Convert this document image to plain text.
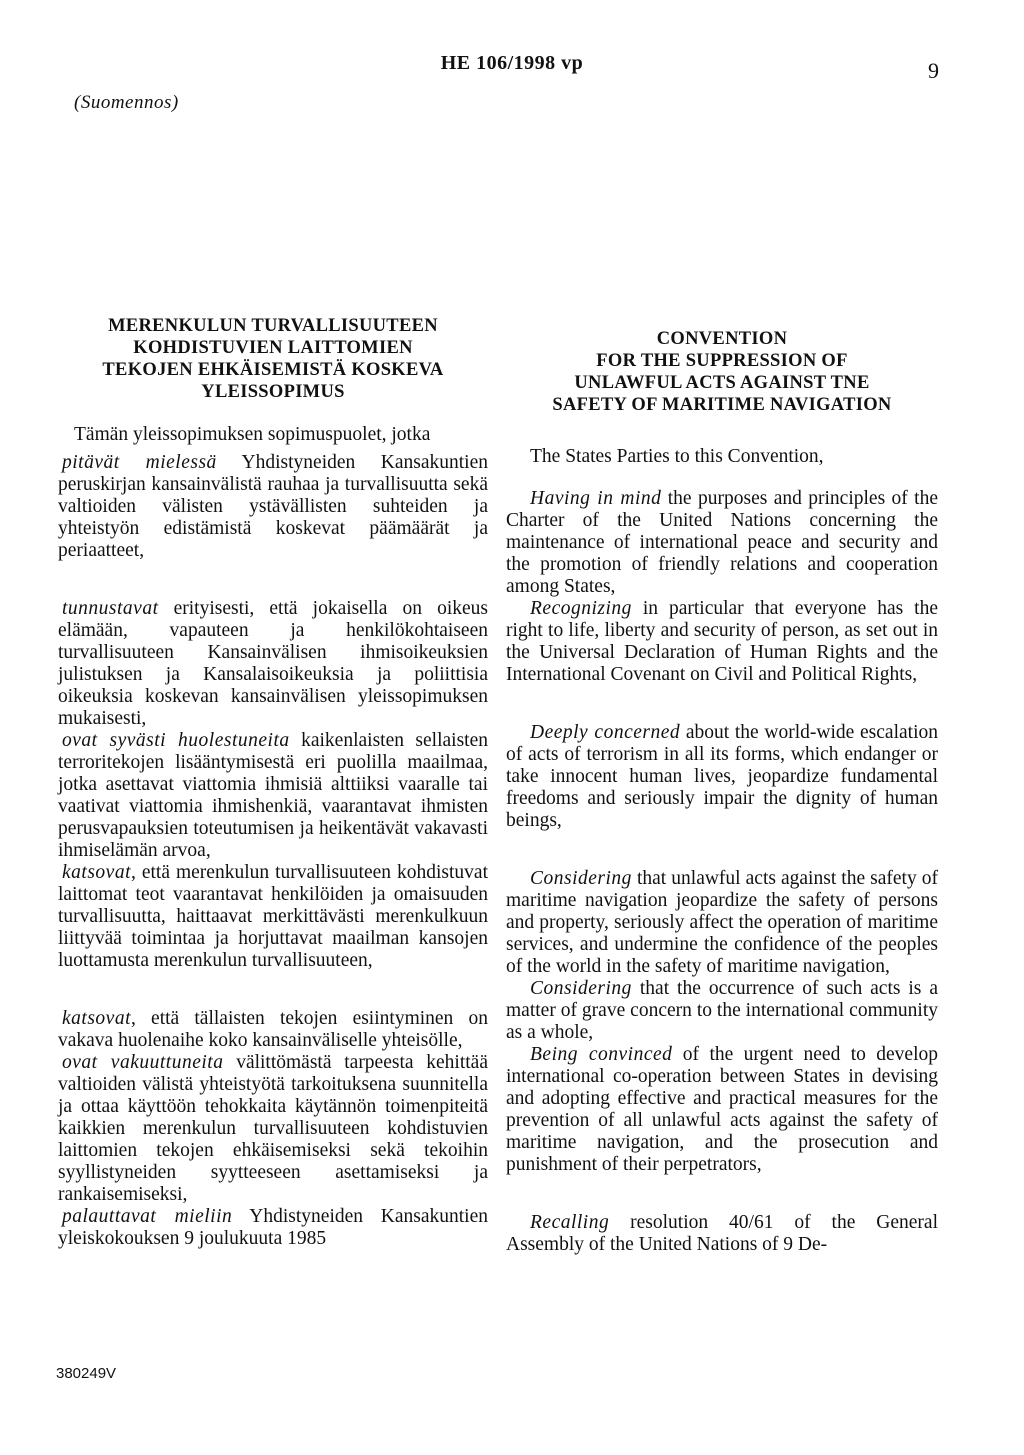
HE 106/1998 vp	9
(Suomennos)
MERENKULUN TURVALLISUUTEEN
KOHDISTUVIEN LAITTOMIEN
TEKOJEN EHKÄISEMISTÄ KOSKEVA
YLEISSOPIMUS

Tämän yleissopimuksen sopimuspuolet, jotka

pitävät mielessä Yhdistyneiden Kansakuntien peruskirjan kansainvälistä rauhaa ja turvallisuutta sekä valtioiden välisten ystävällisten suhteiden ja yhteistyön edistämistä koskevat päämäärät ja periaatteet,

tunnustavat erityisesti, että jokaisella on oikeus elämään, vapauteen ja henkilökohtaiseen turvallisuuteen Kansainvälisen ihmisoikeuksien julistuksen ja Kansalaisoikeuksia ja poliittisia oikeuksia koskevan kansainvälisen yleissopimuksen mukaisesti,

ovat syvästi huolestuneita kaikenlaisten sellaisten terroritekojen lisääntymisestä eri puolilla maailmaa, jotka asettavat viattomia ihmisiä alttiiksi vaaralle tai vaativat viattomia ihmishenkiä, vaarantavat ihmisten perusvapauksien toteutumisen ja heikentävät vakavasti ihmiselämän arvoa,

katsovat, että merenkulun turvallisuuteen kohdistuvat laittomat teot vaarantavat henkilöiden ja omaisuuden turvallisuutta, haittaavat merkittävästi merenkulkuun liittyvää toimintaa ja horjuttavat maailman kansojen luottamusta merenkulun turvallisuuteen,

katsovat, että tällaisten tekojen esiintyminen on vakava huolenaihe koko kansainväliselle yhteisölle,

ovat vakuuttuneita välittömästä tarpeesta kehittää valtioiden välistä yhteistyötä tarkoituksena suunnitella ja ottaa käyttöön tehokkaita käytännön toimenpiteitä kaikkien merenkulun turvallisuuteen kohdistuvien laittomien tekojen ehkäisemiseksi sekä tekoihin syyllistyneiden syytteeseen asettamiseksi ja rankaisemiseksi,

palauttavat mieliin Yhdistyneiden Kansakuntien yleiskokouksen 9 joulukuuta 1985

CONVENTION
FOR THE SUPPRESSION OF
UNLAWFUL ACTS AGAINST TNE
SAFETY OF MARITIME NAVIGATION

The States Parties to this Convention,

Having in mind the purposes and principles of the Charter of the United Nations concerning the maintenance of international peace and security and the promotion of friendly relations and cooperation among States,

Recognizing in particular that everyone has the right to life, liberty and security of person, as set out in the Universal Declaration of Human Rights and the International Covenant on Civil and Political Rights,

Deeply concerned about the world-wide escalation of acts of terrorism in all its forms, which endanger or take innocent human lives, jeopardize fundamental freedoms and seriously impair the dignity of human beings,

Considering that unlawful acts against the safety of maritime navigation jeopardize the safety of persons and property, seriously affect the operation of maritime services, and undermine the confidence of the peoples of the world in the safety of maritime navigation,

Considering that the occurrence of such acts is a matter of grave concern to the international community as a whole,

Being convinced of the urgent need to develop international co-operation between States in devising and adopting effective and practical measures for the prevention of all unlawful acts against the safety of maritime navigation, and the prosecution and punishment of their perpetrators,

Recalling resolution 40/61 of the General Assembly of the United Nations of 9 De-

380249V
